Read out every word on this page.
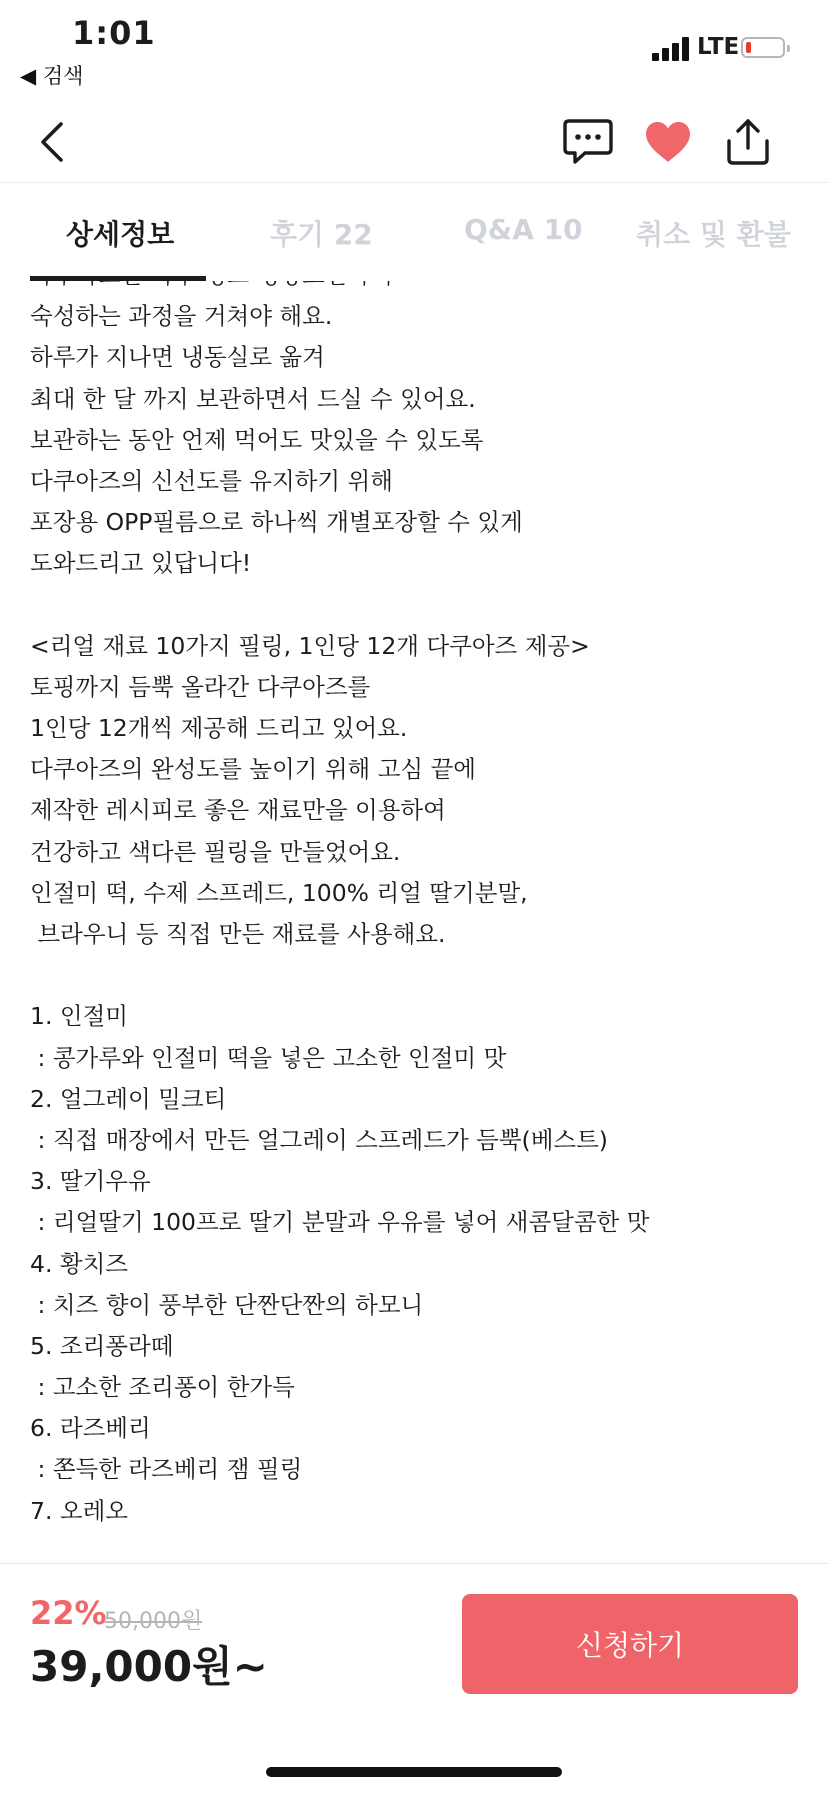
1:01
◀ 검색
LTE
상세정보	후기 22	Q&A 10 취소 및 환불
숙성하는 과정을 거쳐야 해요.
하루가 지나면 냉동실로 옮겨
최대 한 달 까지 보관하면서 드실 수 있어요.
보관하는 동안 언제 먹어도 맛있을 수 있도록
다쿠아즈의 신선도를 유지하기 위해
포장용 OPP필름으로 하나씩 개별포장할 수 있게
도와드리고 있답니다!
<리얼 재료 10가지 필링, 1인당 12개 다쿠아즈 제공>
토핑까지 듬뿍 올라간 다쿠아즈를
1인당 12개씩 제공해 드리고 있어요.
다쿠아즈의 완성도를 높이기 위해 고심 끝에
제작한 레시피로 좋은 재료만을 이용하여
건강하고 색다른 필링을 만들었어요.
인절미 떡, 수제 스프레드, 100% 리얼 딸기분말,
브라우니 등 직접 만든 재료를 사용해요.
1. 인절미
: 콩가루와 인절미 떡을 넣은 고소한 인절미 맛
2. 얼그레이 밀크티
: 직접 매장에서 만든 얼그레이 스프레드가 듬뿍(베스트)
3. 딸기우유
: 리얼딸기 100프로 딸기 분말과 우유를 넣어 새콤달콤한 맛
4. 황치즈
: 치즈 향이 풍부한 단짠단짠의 하모니
5. 조리퐁라떼
: 고소한 조리퐁이 한가득
6. 라즈베리
: 쫀득한 라즈베리 잼 필링
7. 오레오
22%
50,000원
39,000원~	신청하기
